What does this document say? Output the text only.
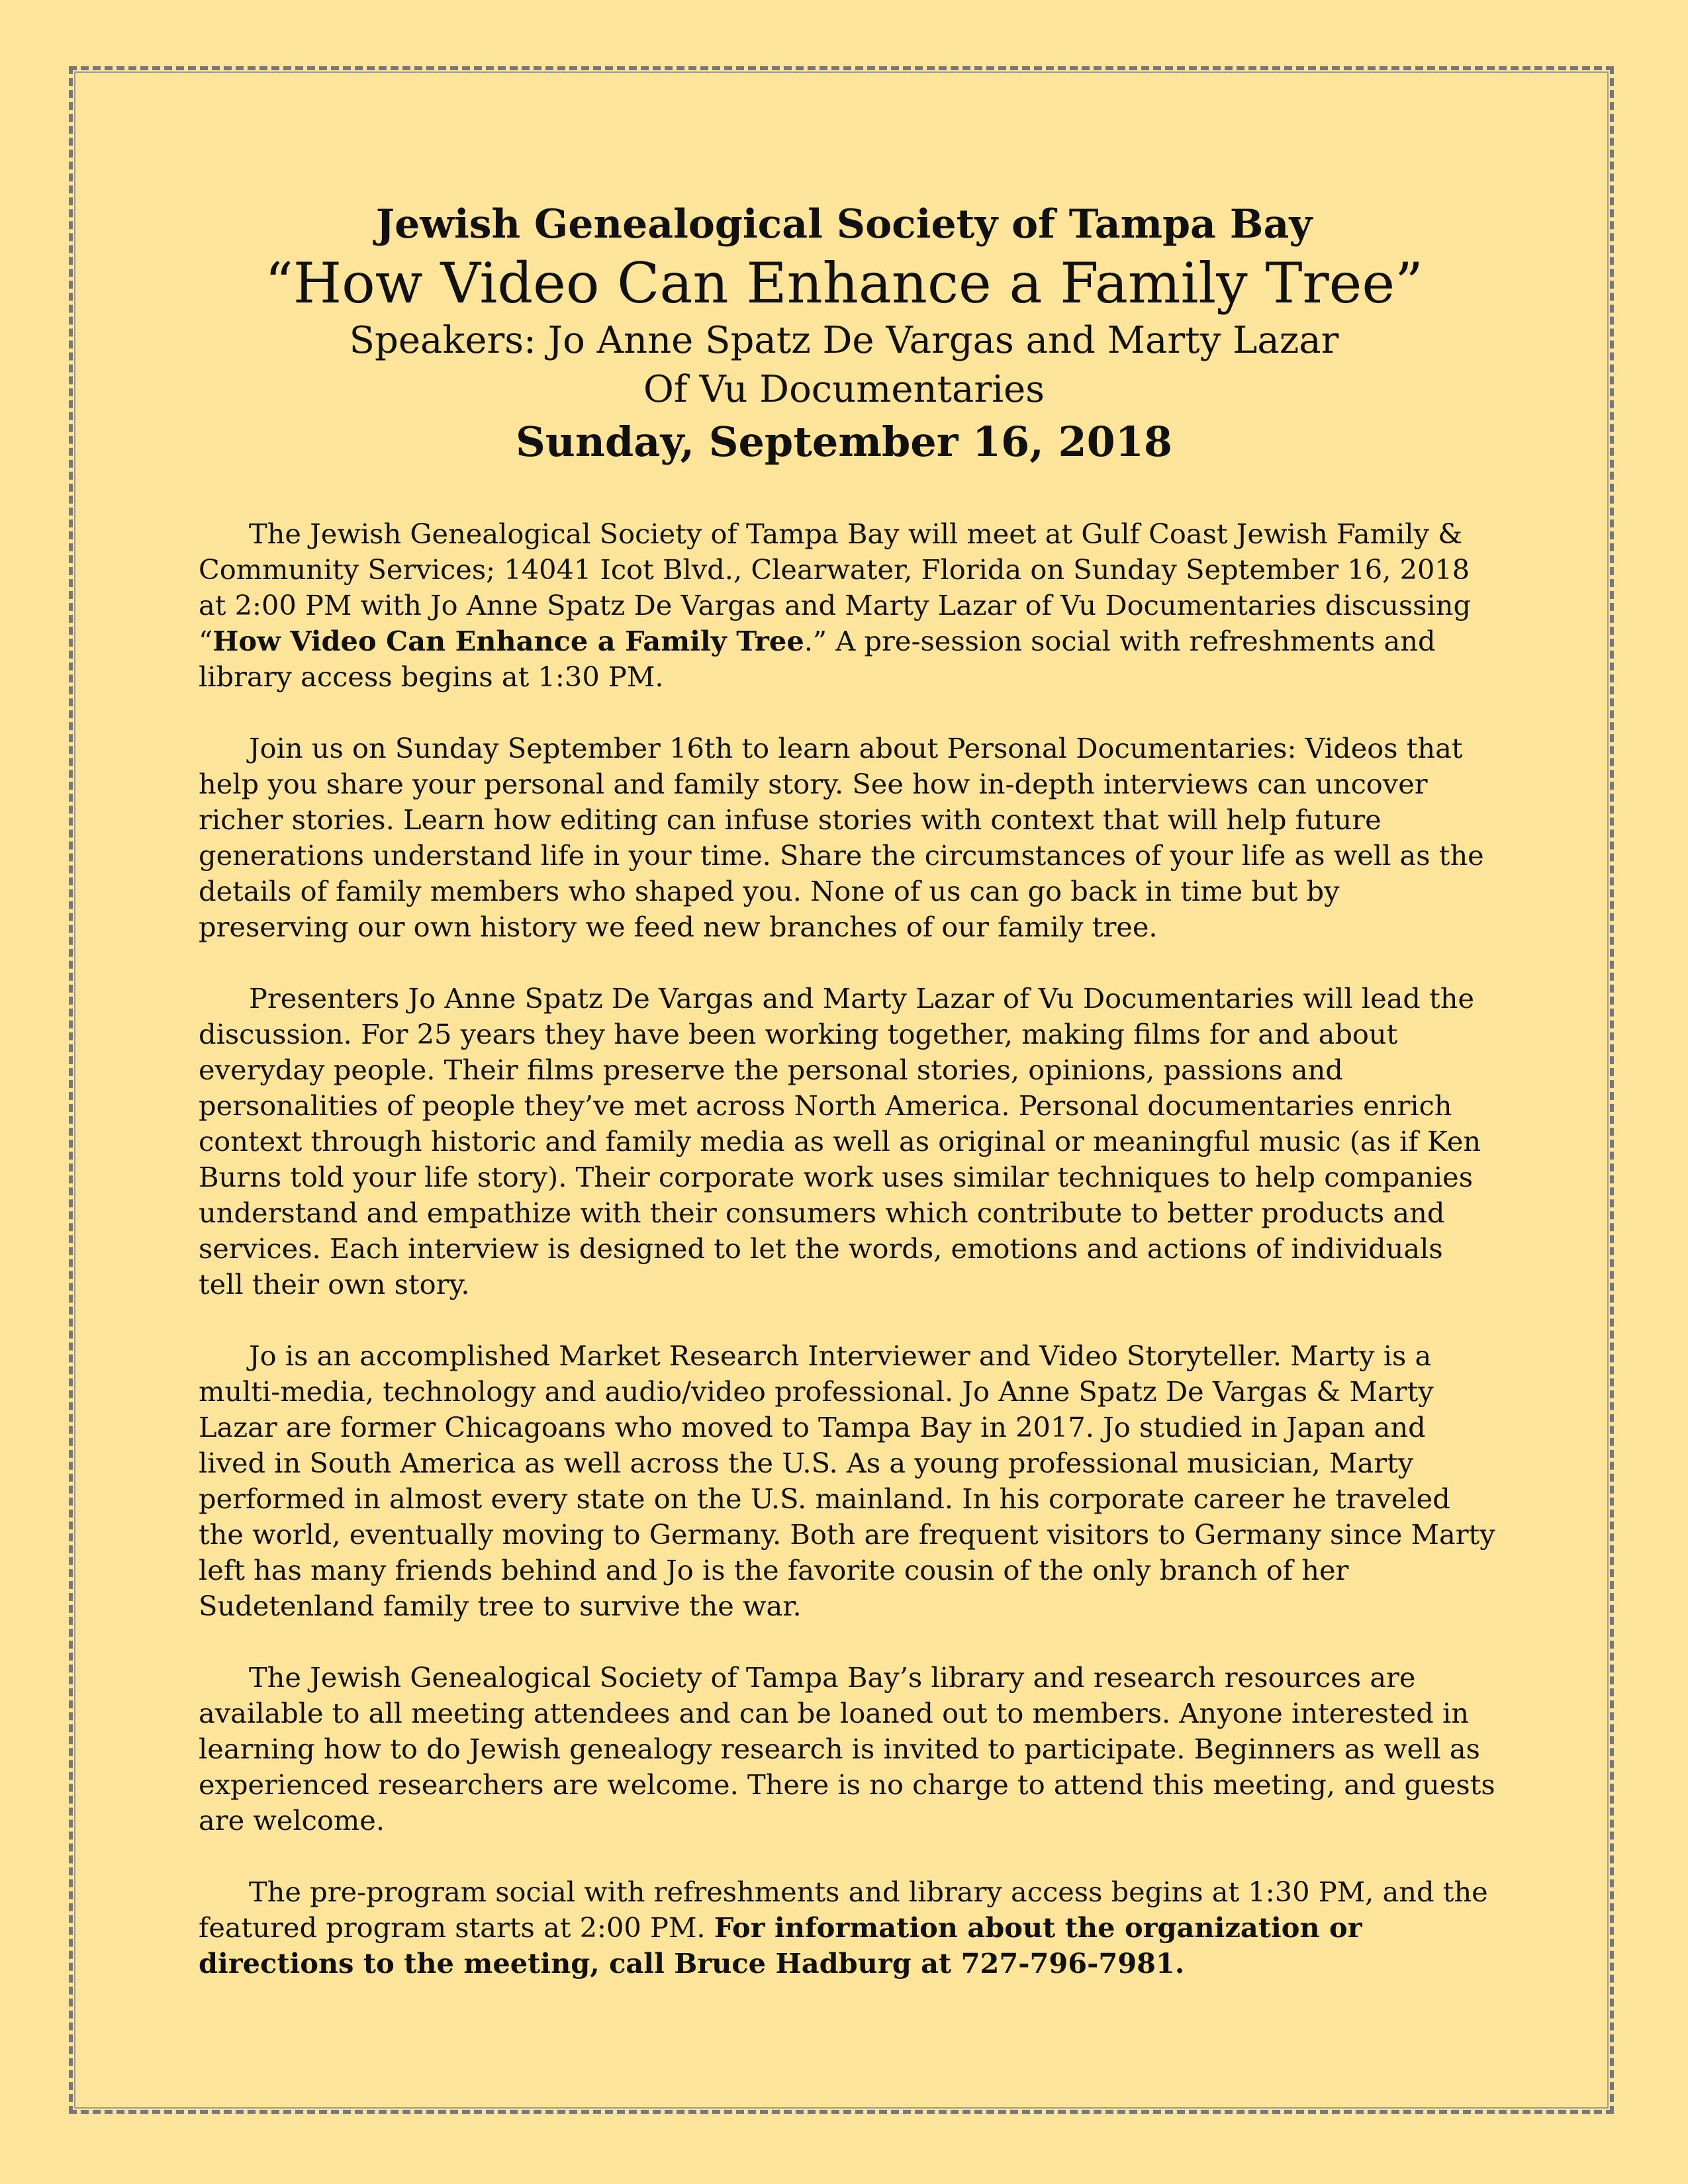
Jewish Genealogical Society of Tampa Bay
“How Video Can Enhance a Family Tree”
Speakers: Jo Anne Spatz De Vargas and Marty Lazar
Of Vu Documentaries
Sunday, September 16, 2018

The Jewish Genealogical Society of Tampa Bay will meet at Gulf Coast Jewish Family & Community Services; 14041 Icot Blvd., Clearwater, Florida on Sunday September 16, 2018 at 2:00 PM with Jo Anne Spatz De Vargas and Marty Lazar of Vu Documentaries discussing “How Video Can Enhance a Family Tree.” A pre-session social with refreshments and library access begins at 1:30 PM.

Join us on Sunday September 16th to learn about Personal Documentaries: Videos that help you share your personal and family story. See how in-depth interviews can uncover richer stories. Learn how editing can infuse stories with context that will help future generations understand life in your time. Share the circumstances of your life as well as the details of family members who shaped you. None of us can go back in time but by preserving our own history we feed new branches of our family tree.

Presenters Jo Anne Spatz De Vargas and Marty Lazar of Vu Documentaries will lead the discussion. For 25 years they have been working together, making films for and about everyday people. Their films preserve the personal stories, opinions, passions and personalities of people they’ve met across North America. Personal documentaries enrich context through historic and family media as well as original or meaningful music (as if Ken Burns told your life story). Their corporate work uses similar techniques to help companies understand and empathize with their consumers which contribute to better products and services. Each interview is designed to let the words, emotions and actions of individuals tell their own story.

Jo is an accomplished Market Research Interviewer and Video Storyteller. Marty is a multi-media, technology and audio/video professional. Jo Anne Spatz De Vargas & Marty Lazar are former Chicagoans who moved to Tampa Bay in 2017. Jo studied in Japan and lived in South America as well across the U.S. As a young professional musician, Marty performed in almost every state on the U.S. mainland. In his corporate career he traveled the world, eventually moving to Germany. Both are frequent visitors to Germany since Marty left has many friends behind and Jo is the favorite cousin of the only branch of her Sudetenland family tree to survive the war.

The Jewish Genealogical Society of Tampa Bay’s library and research resources are available to all meeting attendees and can be loaned out to members. Anyone interested in learning how to do Jewish genealogy research is invited to participate. Beginners as well as experienced researchers are welcome. There is no charge to attend this meeting, and guests are welcome.

The pre-program social with refreshments and library access begins at 1:30 PM, and the featured program starts at 2:00 PM. For information about the organization or directions to the meeting, call Bruce Hadburg at 727-796-7981.
